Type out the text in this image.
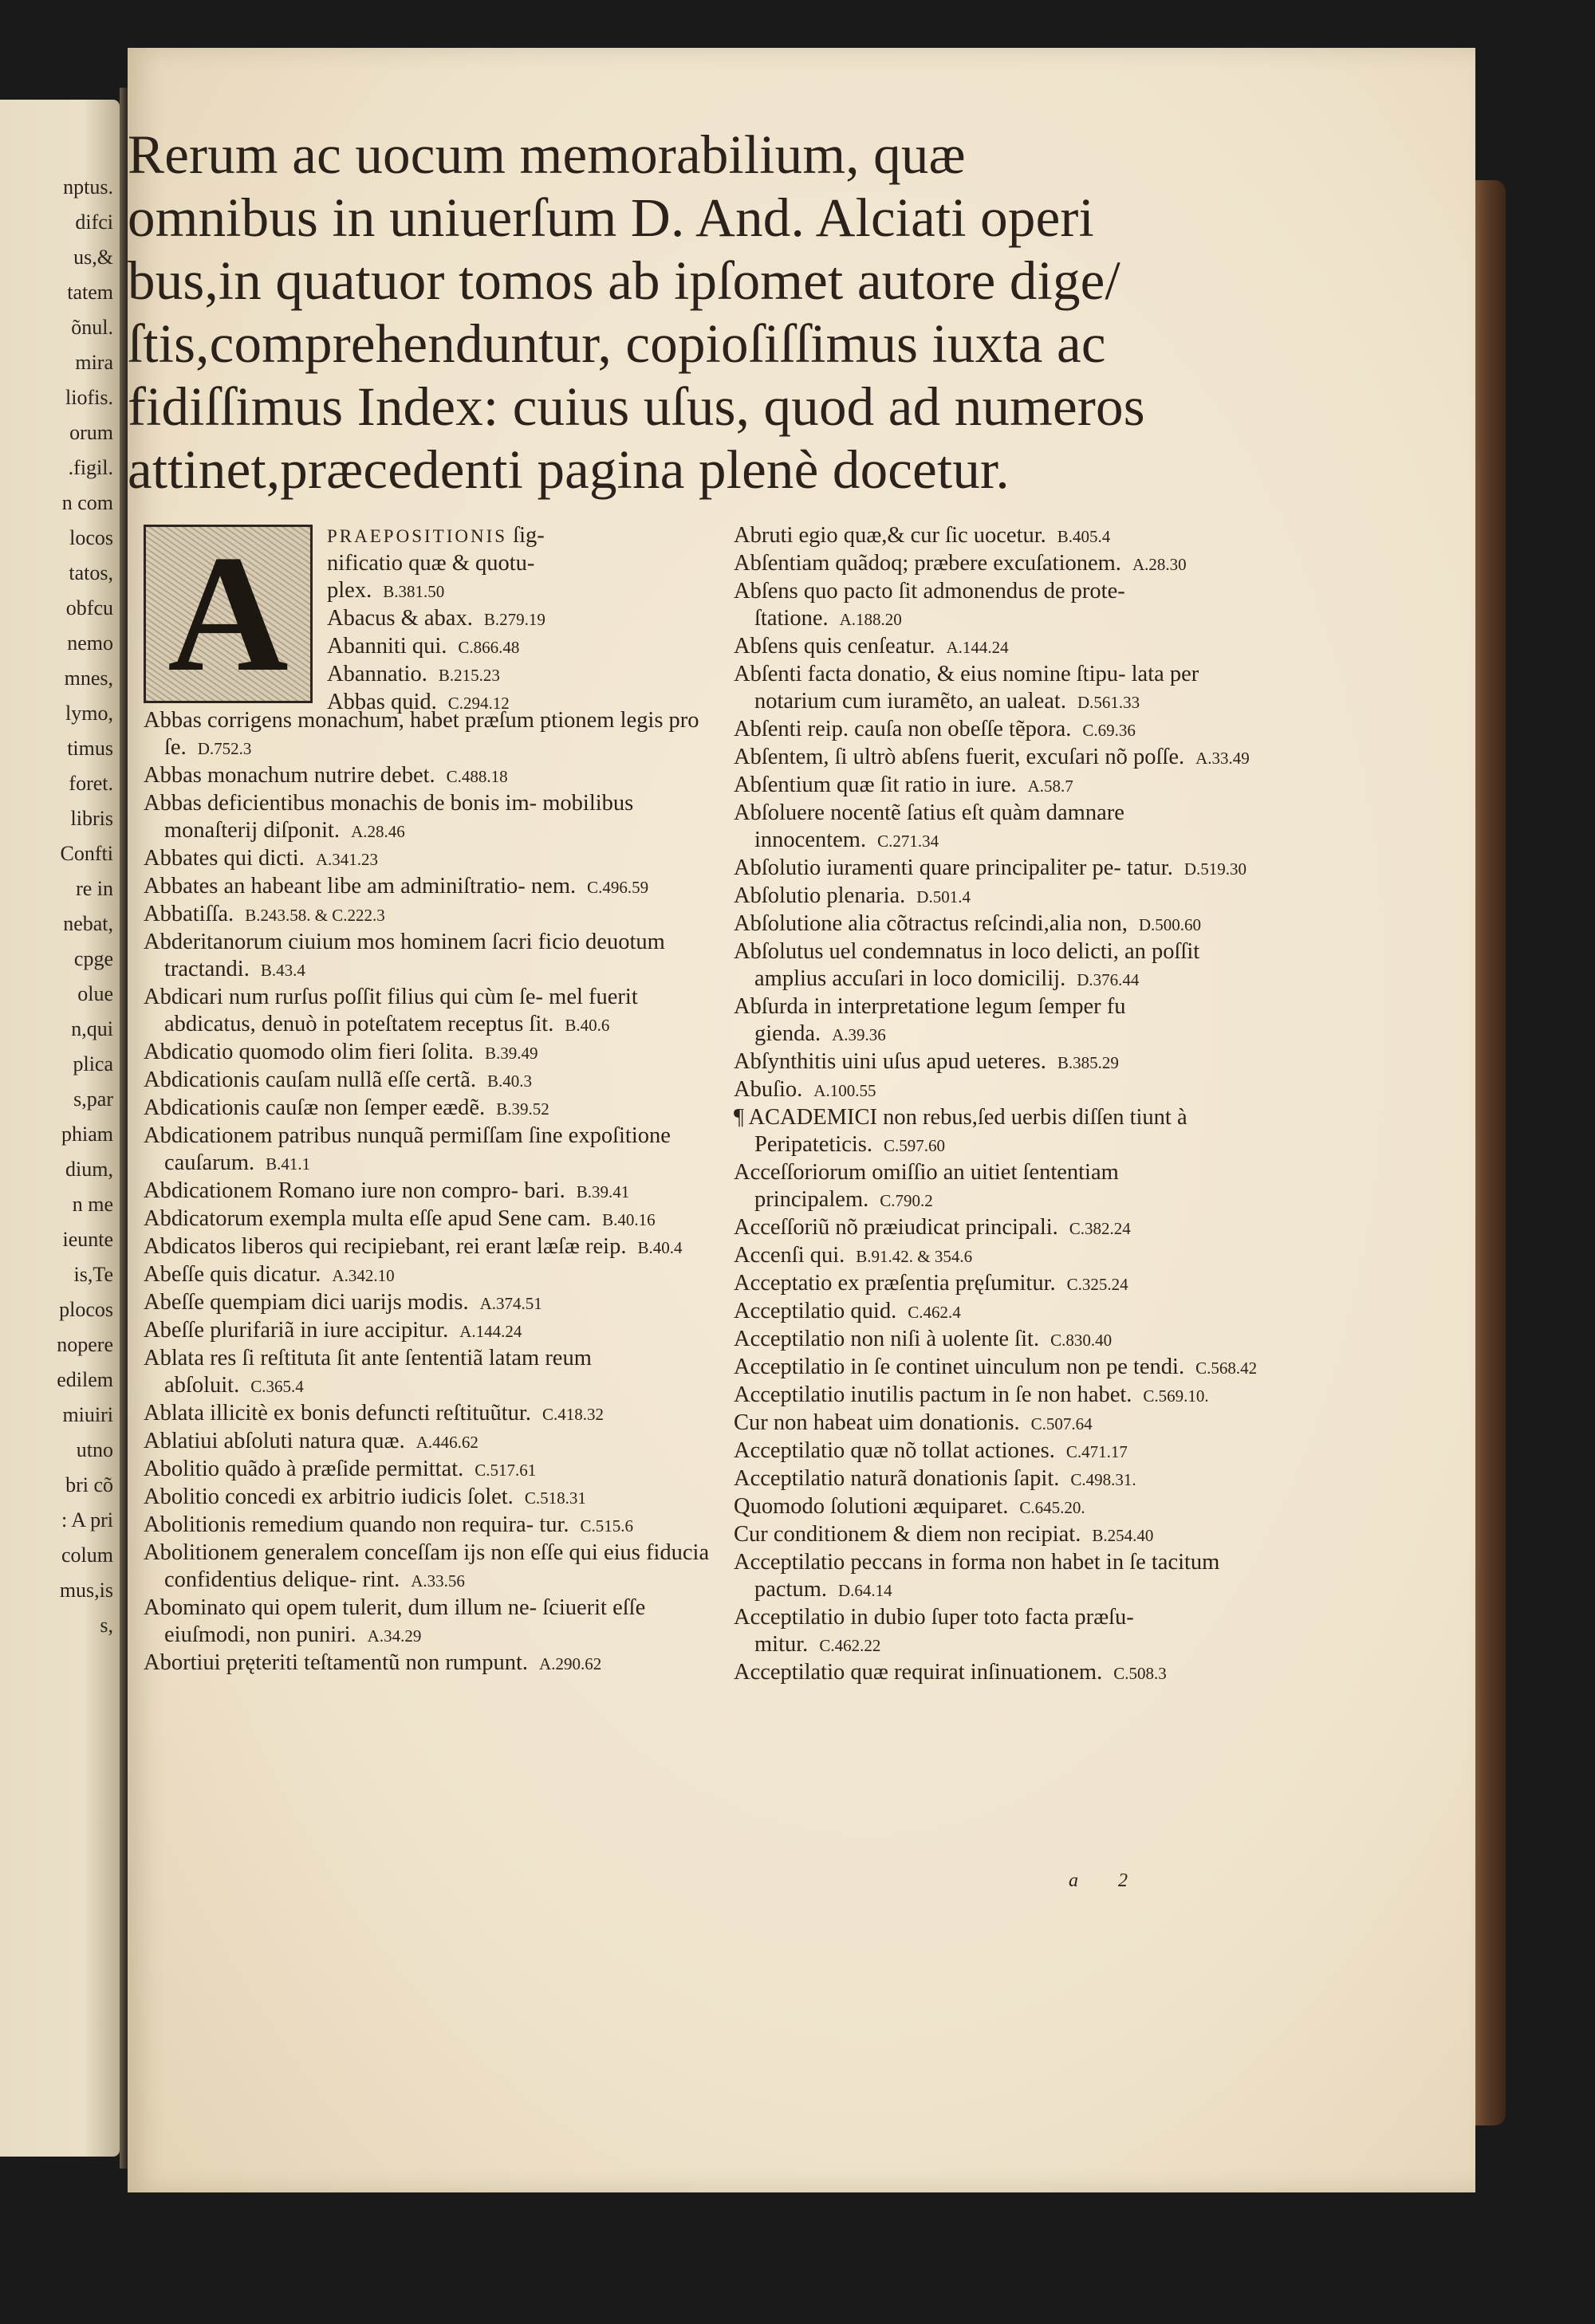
nptus.
difci
us,&
tatem
õnul.
mira
liofis.
orum
.figil.
n com
locos
tatos,
obfcu
nemo
mnes,
lymo,
timus
foret.
libris
Confti
re in
nebat,
cpge
olue
n,qui
plica
s,par
phiam
dium,
n me
ieunte
is,Te
plocos
nopere
edilem
miuiri
utno
bri cõ
: A pri
colum
mus,is
s,
Rerum ac uocum memorabilium, quæ
omnibus in uniuerſum D. And. Alciati operi
bus,in quatuor tomos ab ipſomet autore dige/
ſtis,comprehenduntur, copioſiſſimus iuxta ac
fidiſſimus Index: cuius uſus, quod ad numeros
attinet,præcedenti pagina plenè docetur.
A	PRAEPOSITIONIS ſig-

nificatio quæ & quotu-

plex. B.381.50

Abacus & abax. B.279.19

Abanniti qui. C.866.48

Abannatio. B.215.23

Abbas quid. C.294.12

Abbas corrigens monachum, habet præſum ptionem legis pro ſe. D.752.3

Abbas monachum nutrire debet. C.488.18

Abbas deficientibus monachis de bonis im- mobilibus monaſterij diſponit. A.28.46

Abbates qui dicti. A.341.23

Abbates an habeant libe am adminiſtratio- nem. C.496.59

Abbatiſſa. B.243.58. & C.222.3

Abderitanorum ciuium mos hominem ſacri ficio deuotum tractandi. B.43.4

Abdicari num rurſus poſſit filius qui cùm ſe- mel fuerit abdicatus, denuò in poteſtatem receptus ſit. B.40.6

Abdicatio quomodo olim fieri ſolita. B.39.49

Abdicationis cauſam nullã eſſe certã. B.40.3

Abdicationis cauſæ non ſemper eædẽ. B.39.52

Abdicationem patribus nunquã permiſſam ſine expoſitione cauſarum. B.41.1

Abdicationem Romano iure non compro- bari. B.39.41

Abdicatorum exempla multa eſſe apud Sene cam. B.40.16

Abdicatos liberos qui recipiebant, rei erant læſæ reip. B.40.4

Abeſſe quis dicatur. A.342.10

Abeſſe quempiam dici uarijs modis. A.374.51

Abeſſe plurifariã in iure accipitur. A.144.24

Ablata res ſi reſtituta ſit ante ſententiã latam reum abſoluit. C.365.4

Ablata illicitè ex bonis defuncti reſtituũtur. C.418.32

Ablatiui abſoluti natura quæ. A.446.62

Abolitio quãdo à præſide permittat. C.517.61

Abolitio concedi ex arbitrio iudicis ſolet. C.518.31

Abolitionis remedium quando non requira- tur. C.515.6

Abolitionem generalem conceſſam ijs non eſſe qui eius fiducia confidentius delique- rint. A.33.56

Abominato qui opem tulerit, dum illum ne- ſciuerit eſſe eiuſmodi, non puniri. A.34.29

Abortiui pręteriti teſtamentũ non rumpunt. A.290.62

Abruti egio quæ,& cur ſic uocetur. B.405.4

Abſentiam quãdoq; præbere excuſationem. A.28.30

Abſens quo pacto ſit admonendus de prote- ſtatione. A.188.20

Abſens quis cenſeatur. A.144.24

Abſenti facta donatio, & eius nomine ſtipu- lata per notarium cum iuramẽto, an ualeat. D.561.33

Abſenti reip. cauſa non obeſſe tẽpora. C.69.36

Abſentem, ſi ultrò abſens fuerit, excuſari nõ poſſe. A.33.49

Abſentium quæ ſit ratio in iure. A.58.7

Abſoluere nocentẽ ſatius eſt quàm damnare innocentem. C.271.34

Abſolutio iuramenti quare principaliter pe- tatur. D.519.30

Abſolutio plenaria. D.501.4

Abſolutione alia cõtractus reſcindi,alia non, D.500.60

Abſolutus uel condemnatus in loco delicti, an poſſit amplius accuſari in loco domicilij. D.376.44

Abſurda in interpretatione legum ſemper fu gienda. A.39.36

Abſynthitis uini uſus apud ueteres. B.385.29

Abuſio. A.100.55

¶ ACADEMICI non rebus,ſed uerbis diſſen tiunt à Peripateticis. C.597.60

Acceſſoriorum omiſſio an uitiet ſententiam principalem. C.790.2

Acceſſoriũ nõ præiudicat principali. C.382.24

Accenſi qui. B.91.42. & 354.6

Acceptatio ex præſentia pręſumitur. C.325.24

Acceptilatio quid. C.462.4

Acceptilatio non niſi à uolente ſit. C.830.40

Acceptilatio in ſe continet uinculum non pe tendi. C.568.42

Acceptilatio inutilis pactum in ſe non habet. C.569.10.

Cur non habeat uim donationis. C.507.64

Acceptilatio quæ nõ tollat actiones. C.471.17

Acceptilatio naturã donationis ſapit. C.498.31.

Quomodo ſolutioni æquiparet. C.645.20.

Cur conditionem & diem non recipiat. B.254.40

Acceptilatio peccans in forma non habet in ſe tacitum pactum. D.64.14

Acceptilatio in dubio ſuper toto facta præſu- mitur. C.462.22

Acceptilatio quæ requirat inſinuationem. C.508.3

a 2
